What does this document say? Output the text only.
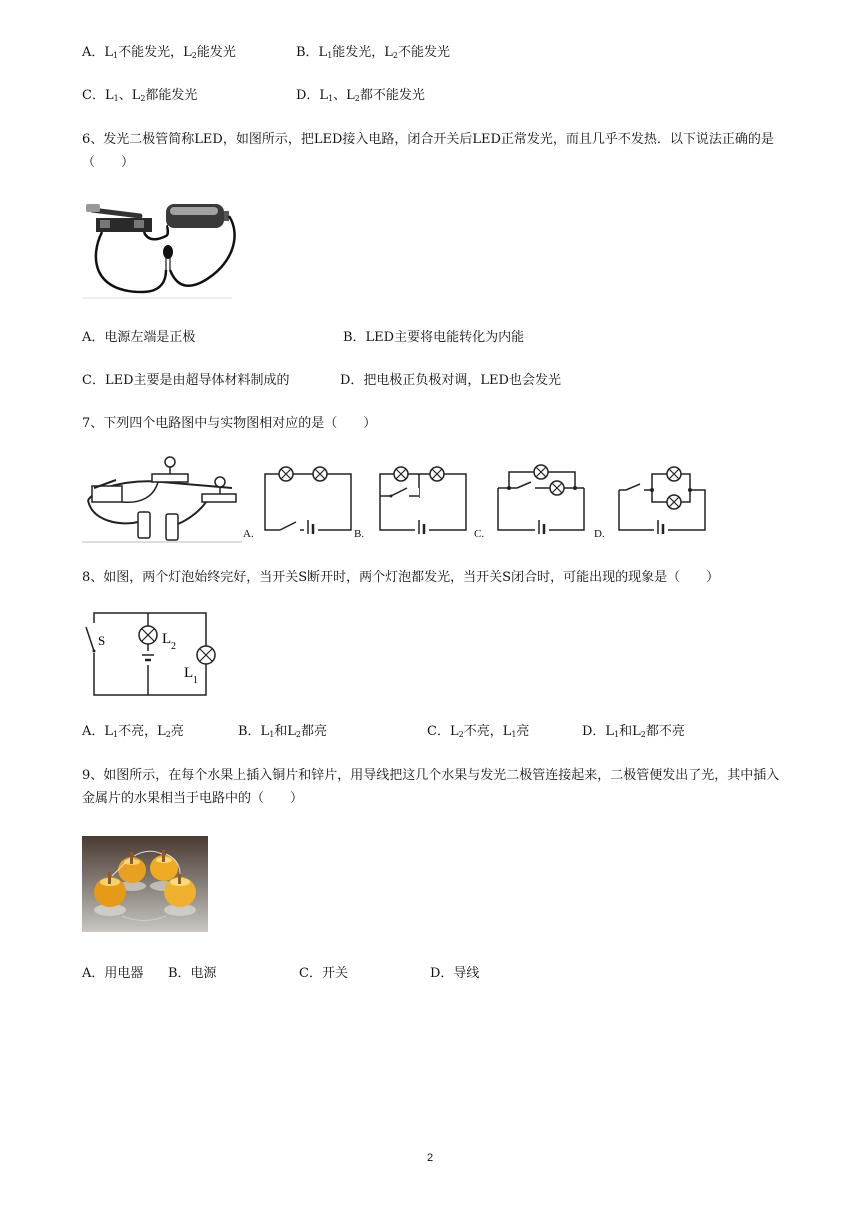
A．$L_1$不能发光，$L_2$能发光	B．$L_1$能发光，$L_2$不能发光
C．$L_1$、$L_2$都能发光	D．$L_1$、$L_2$都不能发光
6、发光二极管简称LED，如图所示，把LED接入电路，闭合开关后LED正常发光，而且几乎不发热．以下说法正确的是（　　）
A．电源左端是正极	B．LED主要将电能转化为内能
C．LED主要是由超导体材料制成的	D．把电极正负极对调，LED也会发光
7、下列四个电路图中与实物图相对应的是（　　）
A.	B.	C.	D.
8、如图，两个灯泡始终完好，当开关S断开时，两个灯泡都发光，当开关S闭合时，可能出现的现象是（　　）
S	L 2
L 1
A．$L_1$不亮，$L_2$亮	B．$L_1$和$L_2$都亮	C．$L_2$不亮，$L_1$亮	D．$L_1$和$L_2$都不亮
9、如图所示，在每个水果上插入铜片和锌片，用导线把这几个水果与发光二极管连接起来，二极管便发出了光，其中插入金属片的水果相当于电路中的（　　）
A．用电器 B．电源	C．开关	D．导线
2
